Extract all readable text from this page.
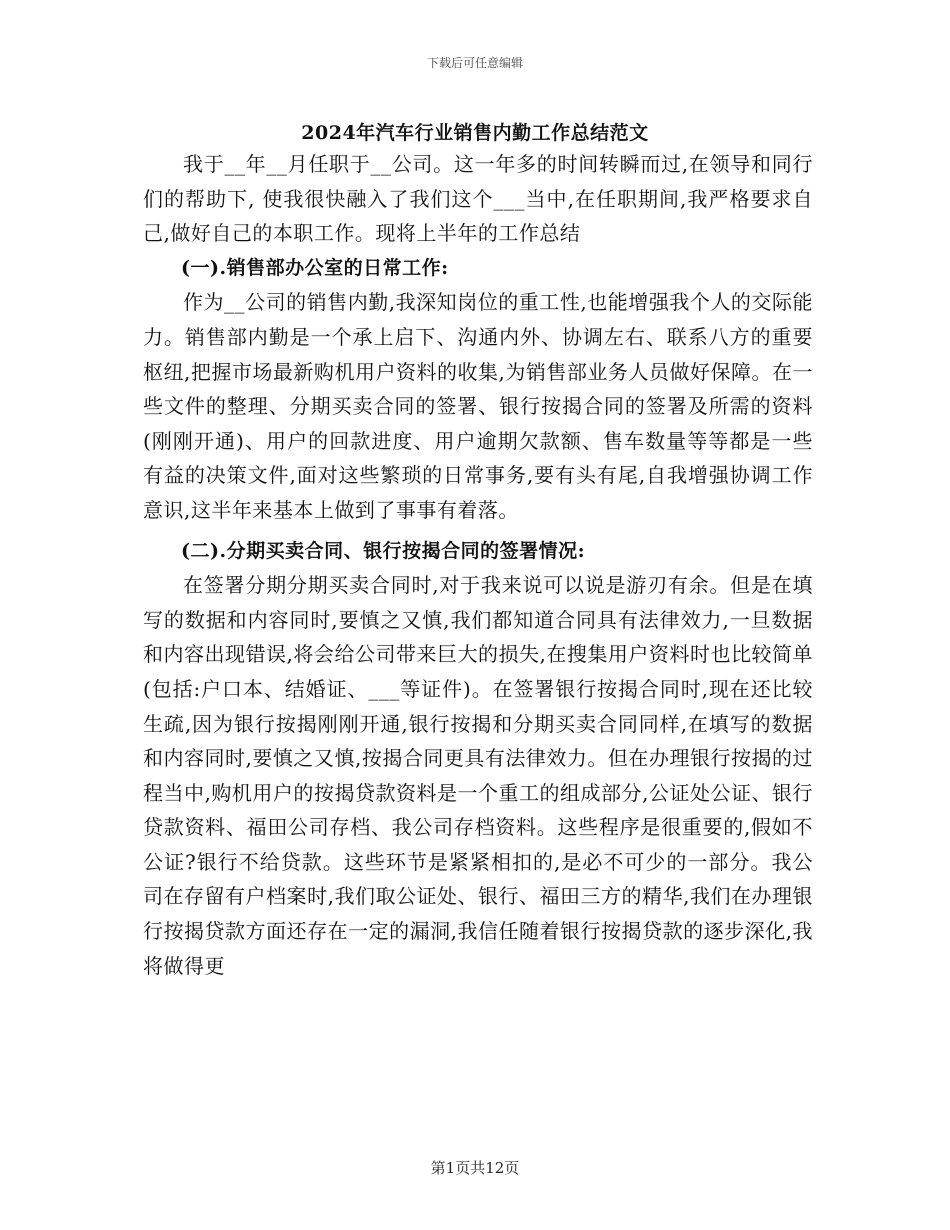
下载后可任意编辑
2024年汽车行业销售内勤工作总结范文

我于__年__月任职于__公司。这一年多的时间转瞬而过,在领导和同行们的帮助下, 使我很快融入了我们这个___当中,在任职期间,我严格要求自己,做好自己的本职工作。现将上半年的工作总结

(一).销售部办公室的日常工作:

作为__公司的销售内勤,我深知岗位的重工性,也能增强我个人的交际能力。销售部内勤是一个承上启下、沟通内外、协调左右、联系八方的重要枢纽,把握市场最新购机用户资料的收集,为销售部业务人员做好保障。在一些文件的整理、分期买卖合同的签署、银行按揭合同的签署及所需的资料(刚刚开通)、用户的回款进度、用户逾期欠款额、售车数量等等都是一些有益的决策文件,面对这些繁琐的日常事务,要有头有尾,自我增强协调工作意识,这半年来基本上做到了事事有着落。

(二).分期买卖合同、银行按揭合同的签署情况:

在签署分期分期买卖合同时,对于我来说可以说是游刃有余。但是在填写的数据和内容同时,要慎之又慎,我们都知道合同具有法律效力,一旦数据和内容出现错误,将会给公司带来巨大的损失,在搜集用户资料时也比较简单(包括:户口本、结婚证、___等证件)。在签署银行按揭合同时,现在还比较生疏,因为银行按揭刚刚开通,银行按揭和分期买卖合同同样,在填写的数据和内容同时,要慎之又慎,按揭合同更具有法律效力。但在办理银行按揭的过程当中,购机用户的按揭贷款资料是一个重工的组成部分,公证处公证、银行贷款资料、福田公司存档、我公司存档资料。这些程序是很重要的,假如不公证?银行不给贷款。这些环节是紧紧相扣的,是必不可少的一部分。我公司在存留有户档案时,我们取公证处、银行、福田三方的精华,我们在办理银行按揭贷款方面还存在一定的漏洞,我信任随着银行按揭贷款的逐步深化,我将做得更

第1页共12页
